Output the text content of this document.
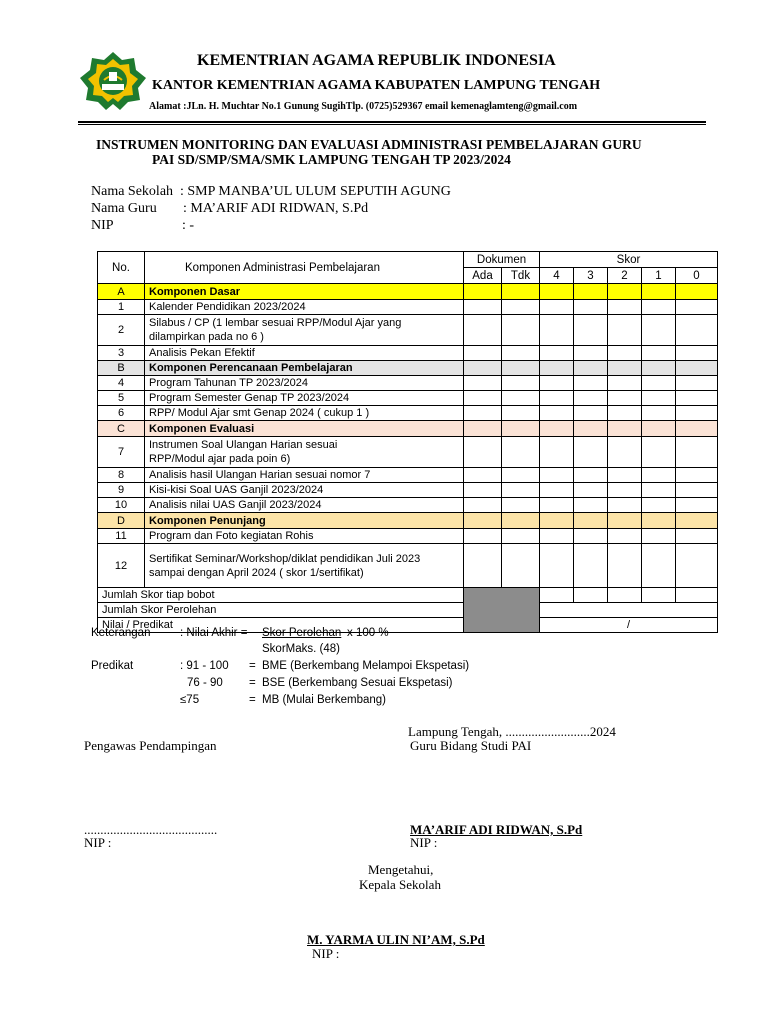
KEMENTRIAN AGAMA REPUBLIK INDONESIA
KANTOR KEMENTRIAN AGAMA KABUPATEN LAMPUNG TENGAH
Alamat :JLn. H. Muchtar No.1 Gunung SugihTlp. (0725)529367 email kemenaglamteng@gmail.com
INSTRUMEN MONITORING DAN EVALUASI ADMINISTRASI PEMBELAJARAN GURU
PAI SD/SMP/SMA/SMK LAMPUNG TENGAH TP 2023/2024
Nama Sekolah : SMP MANBA’UL ULUM SEPUTIH AGUNG
Nama Guru : MA’ARIF ADI RIDWAN, S.Pd
NIP	: -
No.	Komponen Administrasi Pembelajaran	Dokumen		Skor				
		Ada	Tdk	4	3	2	1	0
A	Komponen Dasar							
1	Kalender Pendidikan 2023/2024							
2	Silabus / CP (1 lembar sesuai RPP/Modul Ajar yang dilampirkan pada no 6 )							
3	Analisis Pekan Efektif							
B	Komponen Perencanaan Pembelajaran							
4	Program Tahunan TP 2023/2024							
5	Program Semester Genap TP 2023/2024							
6	RPP/ Modul Ajar smt Genap 2024 ( cukup 1 )							
C	Komponen Evaluasi							
7	Instrumen Soal Ulangan Harian sesuai RPP/Modul ajar pada poin 6)							
8	Analisis hasil Ulangan Harian sesuai nomor 7							
9	Kisi-kisi Soal UAS Ganjil 2023/2024							
10	Analisis nilai UAS Ganjil 2023/2024							
D	Komponen Penunjang							
11	Program dan Foto kegiatan Rohis							
12	Sertifikat Seminar/Workshop/diklat pendidikan Juli 2023 sampai dengan April 2024 ( skor 1/sertifikat)							
Jumlah Skor tiap bobot								
Jumlah Skor Perolehan								
Nilai / Predikat				/				
Keterangan	: Nilai Akhir = Skor Perolehan x 100 %
SkorMaks. (48)
Predikat	: 91 - 100 = BME (Berkembang Melampoi Ekspetasi)
76 - 90 = BSE (Berkembang Sesuai Ekspetasi)
≤75	= MB (Mulai Berkembang)
Lampung Tengah, ..........................2024
Pengawas Pendampingan	Guru Bidang Studi PAI
.........................................
NIP :
MA’ARIF ADI RIDWAN, S.Pd
NIP :
Mengetahui,
Kepala Sekolah
M. YARMA ULIN NI’AM, S.Pd
NIP :
